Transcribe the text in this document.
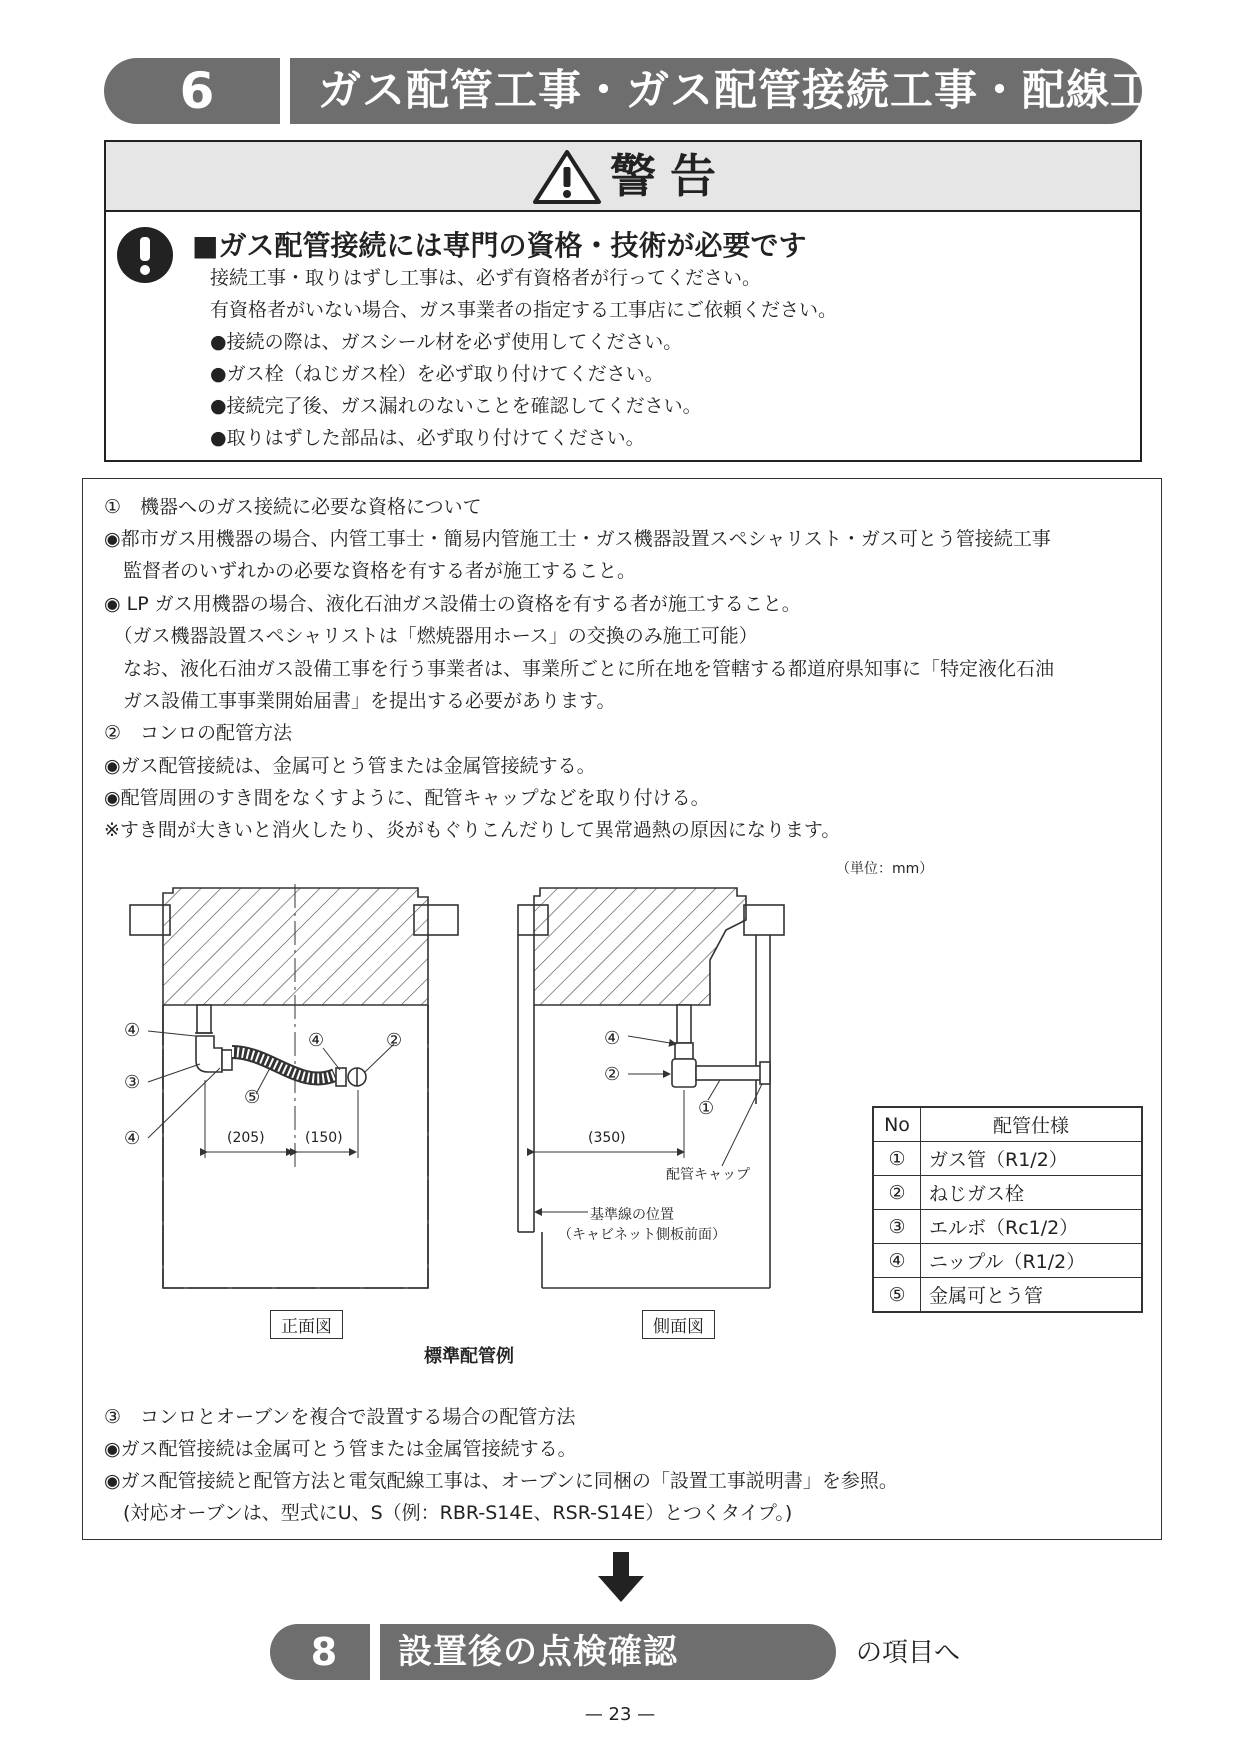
6	ガス配管工事・ガス配管接続工事・配線工事
警告
■ガス配管接続には専門の資格・技術が必要です
接続工事・取りはずし工事は、必ず有資格者が行ってください。
有資格者がいない場合、ガス事業者の指定する工事店にご依頼ください。
●接続の際は、ガスシール材を必ず使用してください。
●ガス栓（ねじガス栓）を必ず取り付けてください。
●接続完了後、ガス漏れのないことを確認してください。
●取りはずした部品は、必ず取り付けてください。
①　機器へのガス接続に必要な資格について
◉都市ガス用機器の場合、内管工事士・簡易内管施工士・ガス機器設置スペシャリスト・ガス可とう管接続工事
　監督者のいずれかの必要な資格を有する者が施工すること。
◉ LP ガス用機器の場合、液化石油ガス設備士の資格を有する者が施工すること。
　（ガス機器設置スペシャリストは「燃焼器用ホース」の交換のみ施工可能）
　なお、液化石油ガス設備工事を行う事業者は、事業所ごとに所在地を管轄する都道府県知事に「特定液化石油
　ガス設備工事事業開始届書」を提出する必要があります。
②　コンロの配管方法
◉ガス配管接続は、金属可とう管または金属管接続する。
◉配管周囲のすき間をなくすように、配管キャップなどを取り付ける。
※すき間が大きいと消火したり、炎がもぐりこんだりして異常過熱の原因になります。
（単位：mm）
(205)	(150)	(350)
④
③
④
⑤
④	②	④
②
①
配管キャップ
基準線の位置
（キャビネット側板前面）
正面図	側面図
標準配管例
No	配管仕様
①	ガス管（R1/2）
②	ねじガス栓
③	エルボ（Rc1/2）
④	ニップル（R1/2）
⑤	金属可とう管
③　コンロとオーブンを複合で設置する場合の配管方法
◉ガス配管接続は金属可とう管または金属管接続する。
◉ガス配管接続と配管方法と電気配線工事は、オーブンに同梱の「設置工事説明書」を参照。
　(対応オーブンは、型式にU、S（例：RBR-S14E、RSR-S14E）とつくタイプ。)
8	設置後の点検確認	の項目へ
— 23 —
